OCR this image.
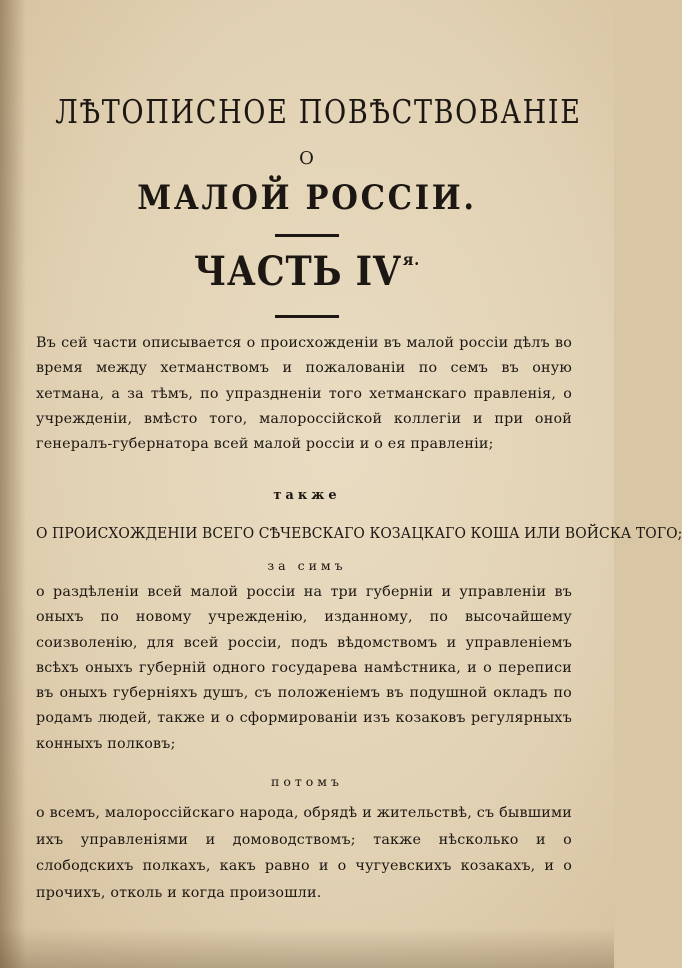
ЛѢТОПИСНОЕ ПОВѢСТВОВАНІЕ
О
МАЛОЙ РОССІИ.
ЧАСТЬ IV $^{я.}$
Въ сей части описывается о происхожденіи въ малой россіи дѣлъ во время между хетманствомъ и пожалованіи по семъ въ оную хетмана, а за тѣмъ, по упраздненіи того хетманскаго правленія, о учрежденіи, вмѣсто того, малороссійской коллегіи и при оной генералъ-губернатора всей малой россіи и о ея правленіи;
также
О ПРОИСХОЖДЕНІИ ВСЕГО СѢЧЕВСКАГО КОЗАЦКАГО КОША ИЛИ ВОЙСКА ТОГО;
за симъ
о раздѣленіи всей малой россіи на три губерніи и управленіи въ оныхъ по новому учрежденію, изданному, по высочайшему соизволенію, для всей россіи, подъ вѣдомствомъ и управленіемъ всѣхъ оныхъ губерній одного государева намѣстника, и о переписи въ оныхъ губерніяхъ душъ, съ положеніемъ въ подушной окладъ по родамъ людей, также и о сформированіи изъ козаковъ регулярныхъ конныхъ полковъ;
потомъ
о всемъ, малороссійскаго народа, обрядѣ и жительствѣ, съ бывшими ихъ управленіями и домоводствомъ; также нѣсколько и о слободскихъ полкахъ, какъ равно и о чугуевскихъ козакахъ, и о прочихъ, отколь и когда произошли.
